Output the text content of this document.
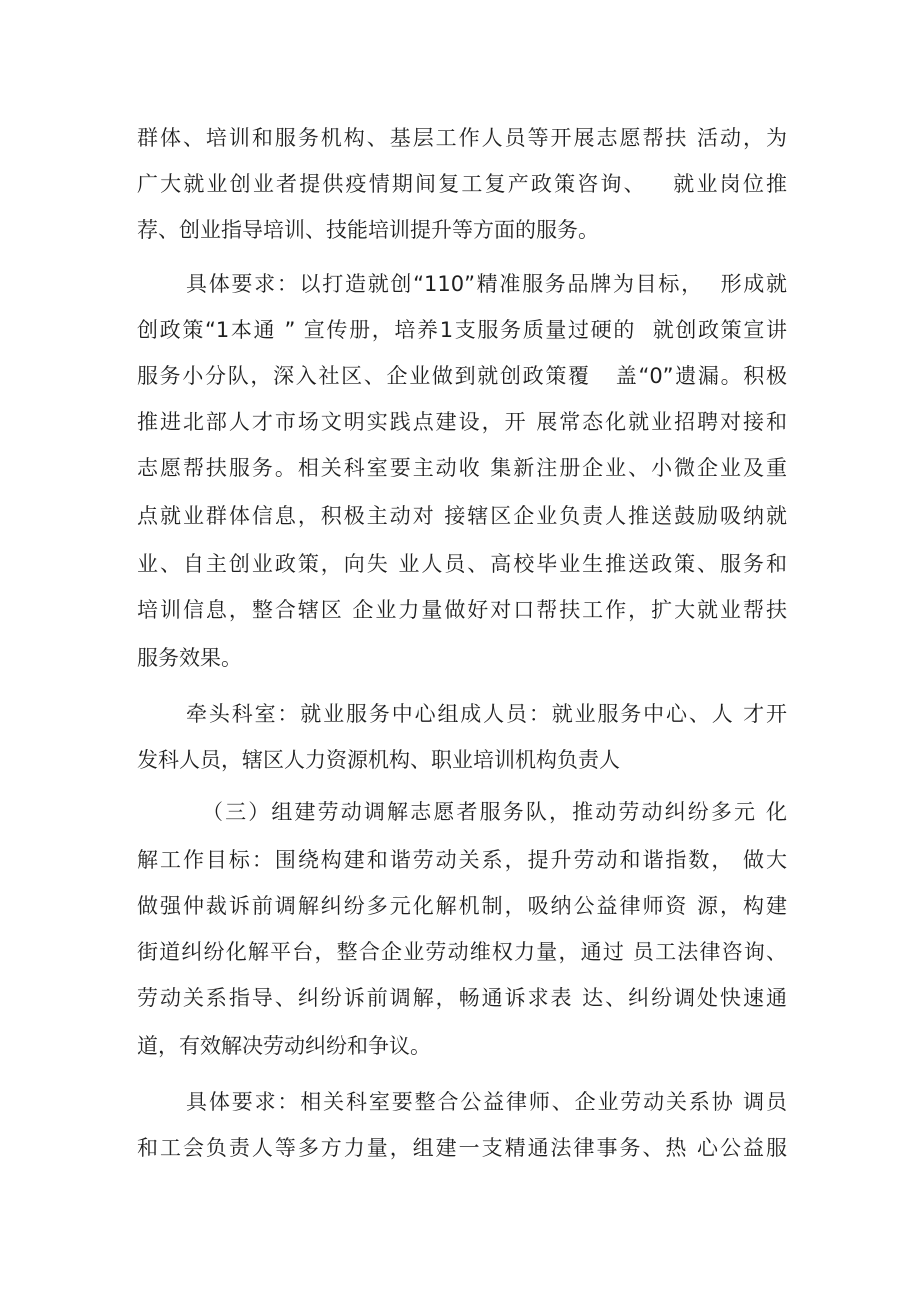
群体、培训和服务机构、基层工作人员等开展志愿帮扶 活动，为
广大就业创业者提供疫情期间复工复产政策咨询、   就业岗位推
荐、创业指导培训、技能培训提升等方面的服务。
具体要求：以打造就创“110”精准服务品牌为目标，  形成就
创政策“1本通 ” 宣传册，培养1支服务质量过硬的  就创政策宣讲
服务小分队，深入社区、企业做到就创政策覆   盖“0”遗漏。积极
推进北部人才市场文明实践点建设，开 展常态化就业招聘对接和
志愿帮扶服务。相关科室要主动收 集新注册企业、小微企业及重
点就业群体信息，积极主动对 接辖区企业负责人推送鼓励吸纳就
业、自主创业政策，向失 业人员、高校毕业生推送政策、服务和
培训信息，整合辖区 企业力量做好对口帮扶工作，扩大就业帮扶
服务效果。
牵头科室：就业服务中心组成人员：就业服务中心、人 才开
发科人员，辖区人力资源机构、职业培训机构负责人
（三）组建劳动调解志愿者服务队，推动劳动纠纷多元 化
解工作目标：围绕构建和谐劳动关系，提升劳动和谐指数， 做大
做强仲裁诉前调解纠纷多元化解机制，吸纳公益律师资 源，构建
街道纠纷化解平台，整合企业劳动维权力量，通过 员工法律咨询、
劳动关系指导、纠纷诉前调解，畅通诉求表 达、纠纷调处快速通
道，有效解决劳动纠纷和争议。
具体要求：相关科室要整合公益律师、企业劳动关系协 调员
和工会负责人等多方力量，组建一支精通法律事务、热 心公益服
